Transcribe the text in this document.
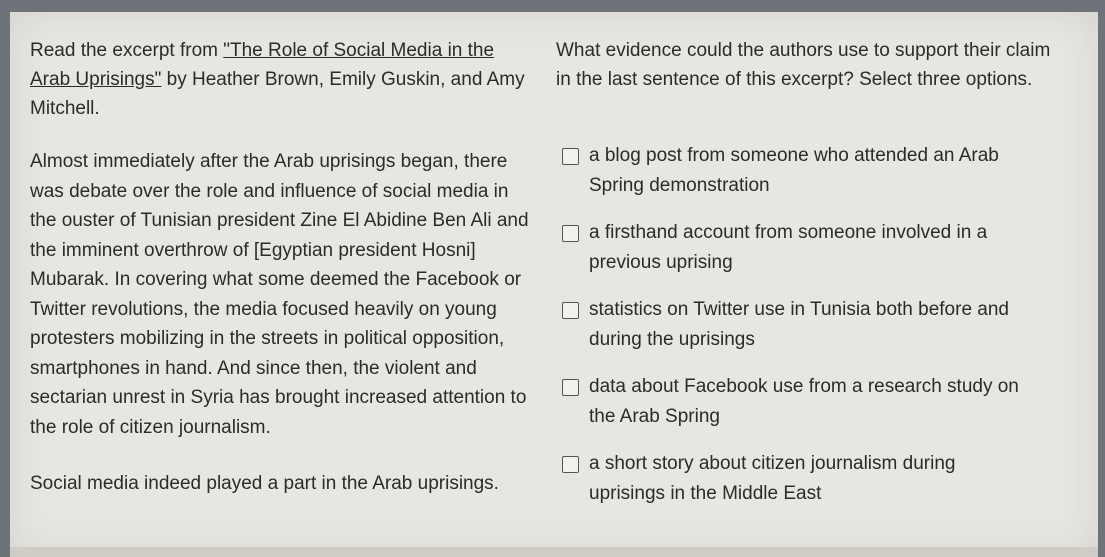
Read the excerpt from "The Role of Social Media in the Arab Uprisings" by Heather Brown, Emily Guskin, and Amy Mitchell.

Almost immediately after the Arab uprisings began, there was debate over the role and influence of social media in the ouster of Tunisian president Zine El Abidine Ben Ali and the imminent overthrow of [Egyptian president Hosni] Mubarak. In covering what some deemed the Facebook or Twitter revolutions, the media focused heavily on young protesters mobilizing in the streets in political opposition, smartphones in hand. And since then, the violent and sectarian unrest in Syria has brought increased attention to the role of citizen journalism.

Social media indeed played a part in the Arab uprisings.

What evidence could the authors use to support their claim in the last sentence of this excerpt? Select three options.

a blog post from someone who attended an Arab Spring demonstration
a firsthand account from someone involved in a previous uprising
statistics on Twitter use in Tunisia both before and during the uprisings
data about Facebook use from a research study on the Arab Spring
a short story about citizen journalism during uprisings in the Middle East
